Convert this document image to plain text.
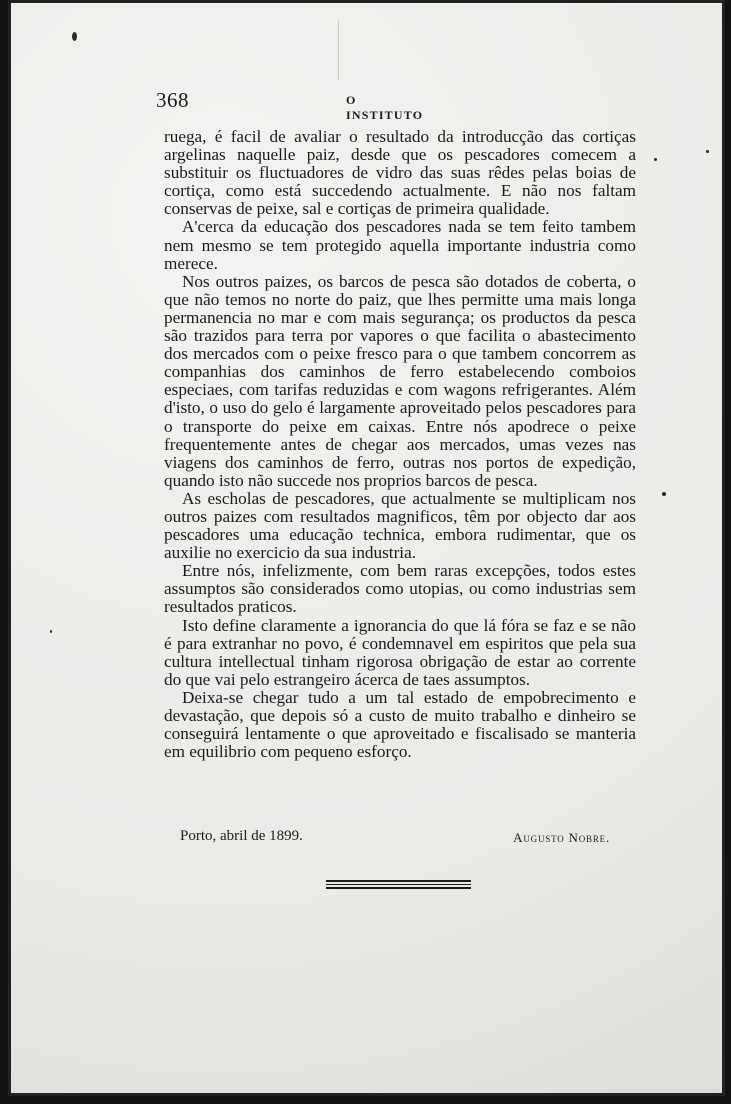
368	O INSTITUTO

ruega, é facil de avaliar o resultado da introducção das cortiças argelinas naquelle paiz, desde que os pescadores comecem a substituir os fluctuadores de vidro das suas rêdes pelas boias de cortiça, como está succedendo actualmente. E não nos faltam conservas de peixe, sal e cortiças de primeira qualidade.

A'cerca da educação dos pescadores nada se tem feito tambem nem mesmo se tem protegido aquella importante industria como merece.

Nos outros paizes, os barcos de pesca são dotados de coberta, o que não temos no norte do paiz, que lhes permitte uma mais longa permanencia no mar e com mais segurança; os productos da pesca são trazidos para terra por vapores o que facilita o abastecimento dos mercados com o peixe fresco para o que tambem concorrem as companhias dos caminhos de ferro estabelecendo comboios especiaes, com tarifas reduzidas e com wagons refrigerantes. Além d'isto, o uso do gelo é largamente aproveitado pelos pescadores para o transporte do peixe em caixas. Entre nós apodrece o peixe frequentemente antes de chegar aos mercados, umas vezes nas viagens dos caminhos de ferro, outras nos portos de expedição, quando isto não succede nos proprios barcos de pesca.

As escholas de pescadores, que actualmente se multiplicam nos outros paizes com resultados magnificos, têm por objecto dar aos pescadores uma educação technica, embora rudimentar, que os auxilie no exercicio da sua industria.

Entre nós, infelizmente, com bem raras excepções, todos estes assumptos são considerados como utopias, ou como industrias sem resultados praticos.

Isto define claramente a ignorancia do que lá fóra se faz e se não é para extranhar no povo, é condemnavel em espiritos que pela sua cultura intellectual tinham rigorosa obrigação de estar ao corrente do que vai pelo estrangeiro ácerca de taes assumptos.

Deixa-se chegar tudo a um tal estado de empobrecimento e devastação, que depois só a custo de muito trabalho e dinheiro se conseguirá lentamente o que aproveitado e fiscalisado se manteria em equilibrio com pequeno esforço.

Porto, abril de 1899.	Augusto Nobre.
